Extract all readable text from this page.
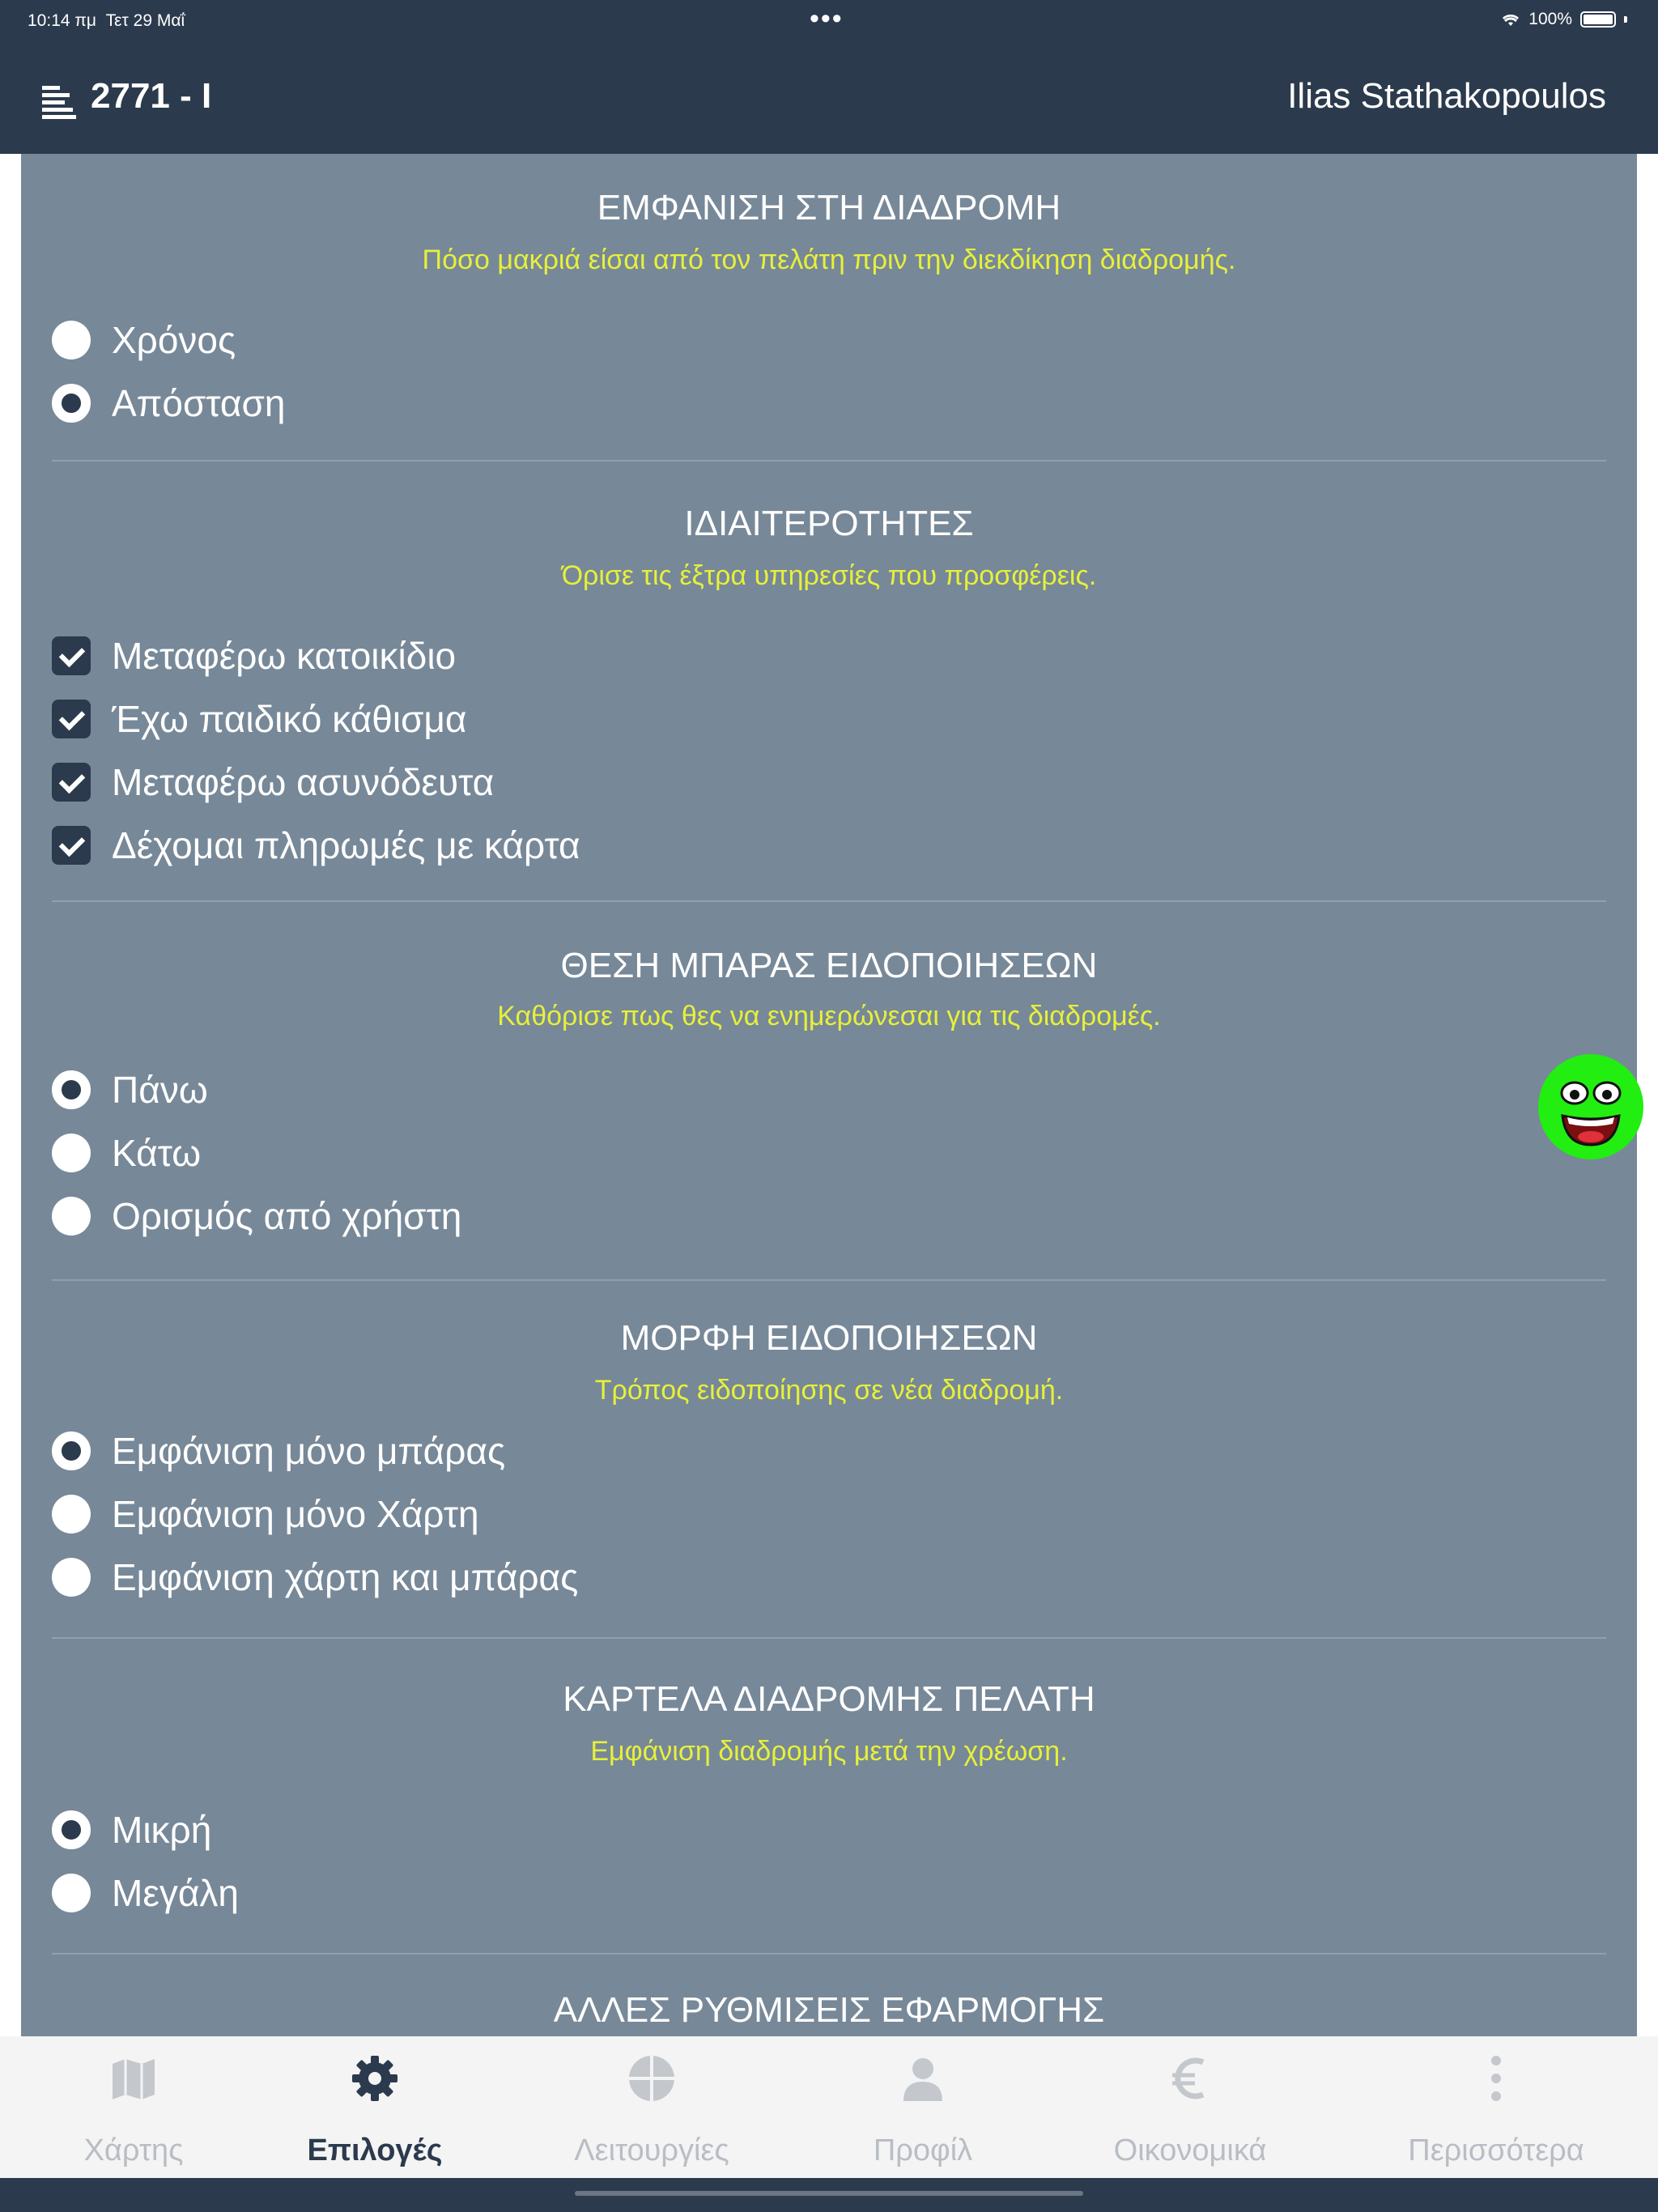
10:14 πμ Τετ 29 Μαΐ	•••	100%
2771 - I	Ilias Stathakopoulos
ΕΜΦΑΝΙΣΗ ΣΤΗ ΔΙΑΔΡΟΜΗ
Πόσο μακριά είσαι από τον πελάτη πριν την διεκδίκηση διαδρομής.
Χρόνος
Απόσταση
ΙΔΙΑΙΤΕΡΟΤΗΤΕΣ
Όρισε τις έξτρα υπηρεσίες που προσφέρεις.
Μεταφέρω κατοικίδιο
Έχω παιδικό κάθισμα
Μεταφέρω ασυνόδευτα
Δέχομαι πληρωμές με κάρτα
ΘΕΣΗ ΜΠΑΡΑΣ ΕΙΔΟΠΟΙΗΣΕΩΝ
Καθόρισε πως θες να ενημερώνεσαι για τις διαδρομές.
Πάνω
Κάτω
Ορισμός από χρήστη
ΜΟΡΦΗ ΕΙΔΟΠΟΙΗΣΕΩΝ
Τρόπος ειδοποίησης σε νέα διαδρομή.
Εμφάνιση μόνο μπάρας
Εμφάνιση μόνο Χάρτη
Εμφάνιση χάρτη και μπάρας
ΚΑΡΤΕΛΑ ΔΙΑΔΡΟΜΗΣ ΠΕΛΑΤΗ
Εμφάνιση διαδρομής μετά την χρέωση.
Μικρή
Μεγάλη
ΑΛΛΕΣ ΡΥΘΜΙΣΕΙΣ ΕΦΑΡΜΟΓΗΣ
Χάρτης	Επιλογές	Λειτουργίες	Προφίλ	Οικονομικά	Περισσότερα
